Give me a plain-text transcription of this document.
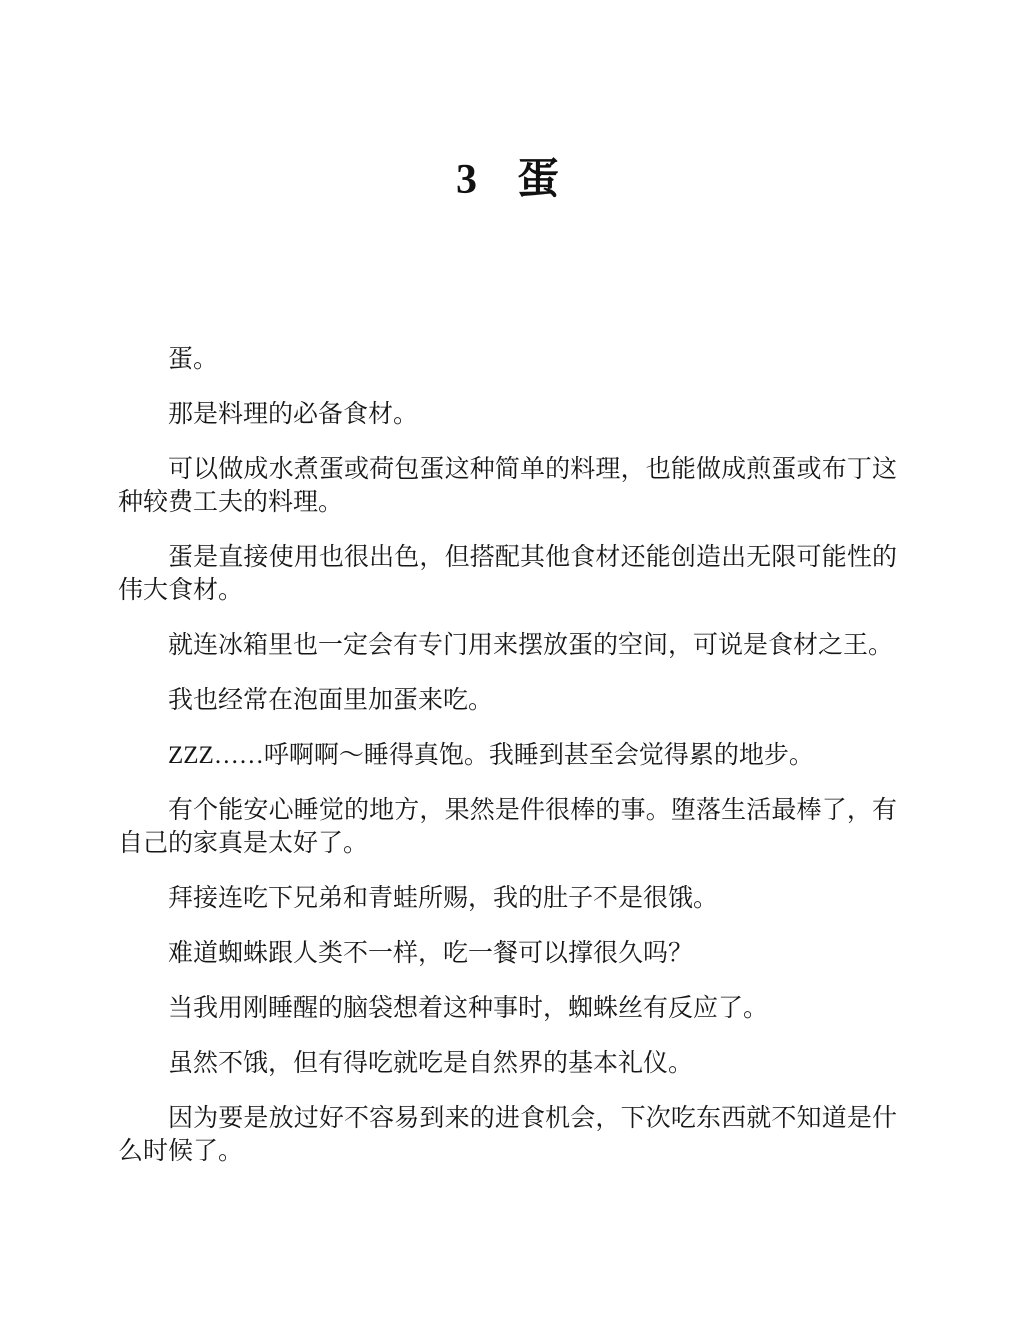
3 蛋

蛋。

那是料理的必备食材。

可以做成水煮蛋或荷包蛋这种简单的料理，也能做成煎蛋或布丁这种较费工夫的料理。

蛋是直接使用也很出色，但搭配其他食材还能创造出无限可能性的伟大食材。

就连冰箱里也一定会有专门用来摆放蛋的空间，可说是食材之王。

我也经常在泡面里加蛋来吃。

ZZZ……呼啊啊～睡得真饱。我睡到甚至会觉得累的地步。

有个能安心睡觉的地方，果然是件很棒的事。堕落生活最棒了，有自己的家真是太好了。

拜接连吃下兄弟和青蛙所赐，我的肚子不是很饿。

难道蜘蛛跟人类不一样，吃一餐可以撑很久吗？

当我用刚睡醒的脑袋想着这种事时，蜘蛛丝有反应了。

虽然不饿，但有得吃就吃是自然界的基本礼仪。

因为要是放过好不容易到来的进食机会，下次吃东西就不知道是什么时候了。
